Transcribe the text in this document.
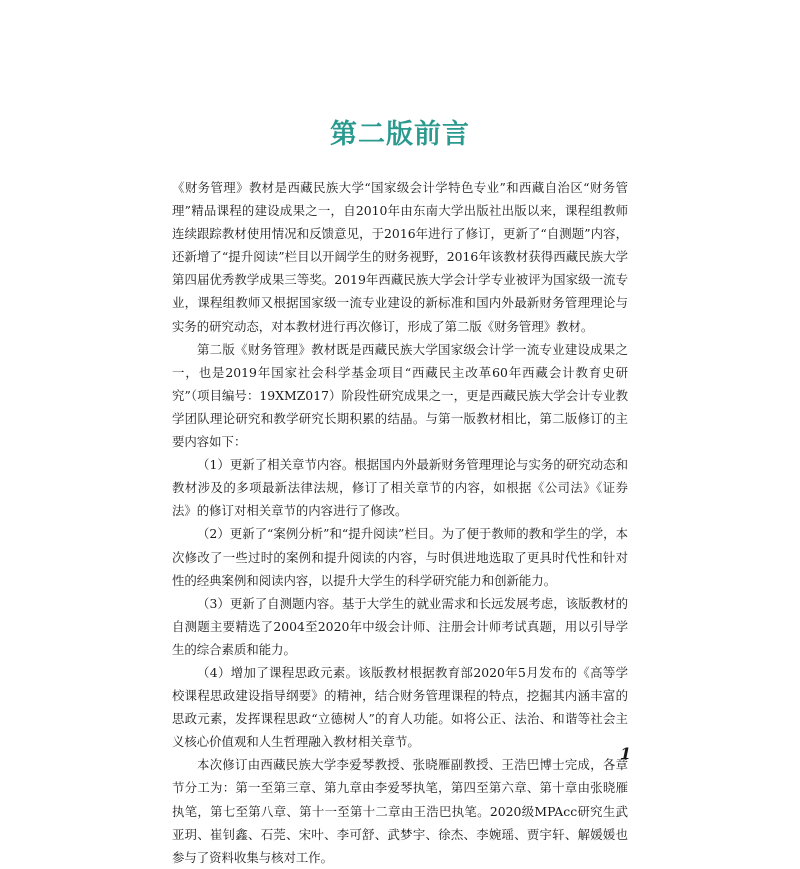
第二版前言

《财务管理》教材是西藏民族大学“国家级会计学特色专业”和西藏自治区“财务管理”精品课程的建设成果之一，自2010年由东南大学出版社出版以来，课程组教师连续跟踪教材使用情况和反馈意见，于2016年进行了修订，更新了“自测题”内容，还新增了“提升阅读”栏目以开阔学生的财务视野，2016年该教材获得西藏民族大学第四届优秀教学成果三等奖。2019年西藏民族大学会计学专业被评为国家级一流专业，课程组教师又根据国家级一流专业建设的新标准和国内外最新财务管理理论与实务的研究动态，对本教材进行再次修订，形成了第二版《财务管理》教材。

第二版《财务管理》教材既是西藏民族大学国家级会计学一流专业建设成果之一，也是2019年国家社会科学基金项目“西藏民主改革60年西藏会计教育史研究”（项目编号：19XMZ017）阶段性研究成果之一，更是西藏民族大学会计专业教学团队理论研究和教学研究长期积累的结晶。与第一版教材相比，第二版修订的主要内容如下：

（1）更新了相关章节内容。根据国内外最新财务管理理论与实务的研究动态和教材涉及的多项最新法律法规，修订了相关章节的内容，如根据《公司法》《证券法》的修订对相关章节的内容进行了修改。

（2）更新了“案例分析”和“提升阅读”栏目。为了便于教师的教和学生的学，本次修改了一些过时的案例和提升阅读的内容，与时俱进地选取了更具时代性和针对性的经典案例和阅读内容，以提升大学生的科学研究能力和创新能力。

（3）更新了自测题内容。基于大学生的就业需求和长远发展考虑，该版教材的自测题主要精选了2004至2020年中级会计师、注册会计师考试真题，用以引导学生的综合素质和能力。

（4）增加了课程思政元素。该版教材根据教育部2020年5月发布的《高等学校课程思政建设指导纲要》的精神，结合财务管理课程的特点，挖掘其内涵丰富的思政元素，发挥课程思政“立德树人”的育人功能。如将公正、法治、和谐等社会主义核心价值观和人生哲理融入教材相关章节。

本次修订由西藏民族大学李爱琴教授、张晓雁副教授、王浩巴博士完成，各章节分工为：第一至第三章、第九章由李爱琴执笔，第四至第六章、第十章由张晓雁执笔，第七至第八章、第十一至第十二章由王浩巴执笔。2020级MPAcc研究生武亚玥、崔钊鑫、石莞、宋叶、李可舒、武梦宇、徐杰、李婉瑶、贾宇轩、解媛媛也参与了资料收集与核对工作。

1
